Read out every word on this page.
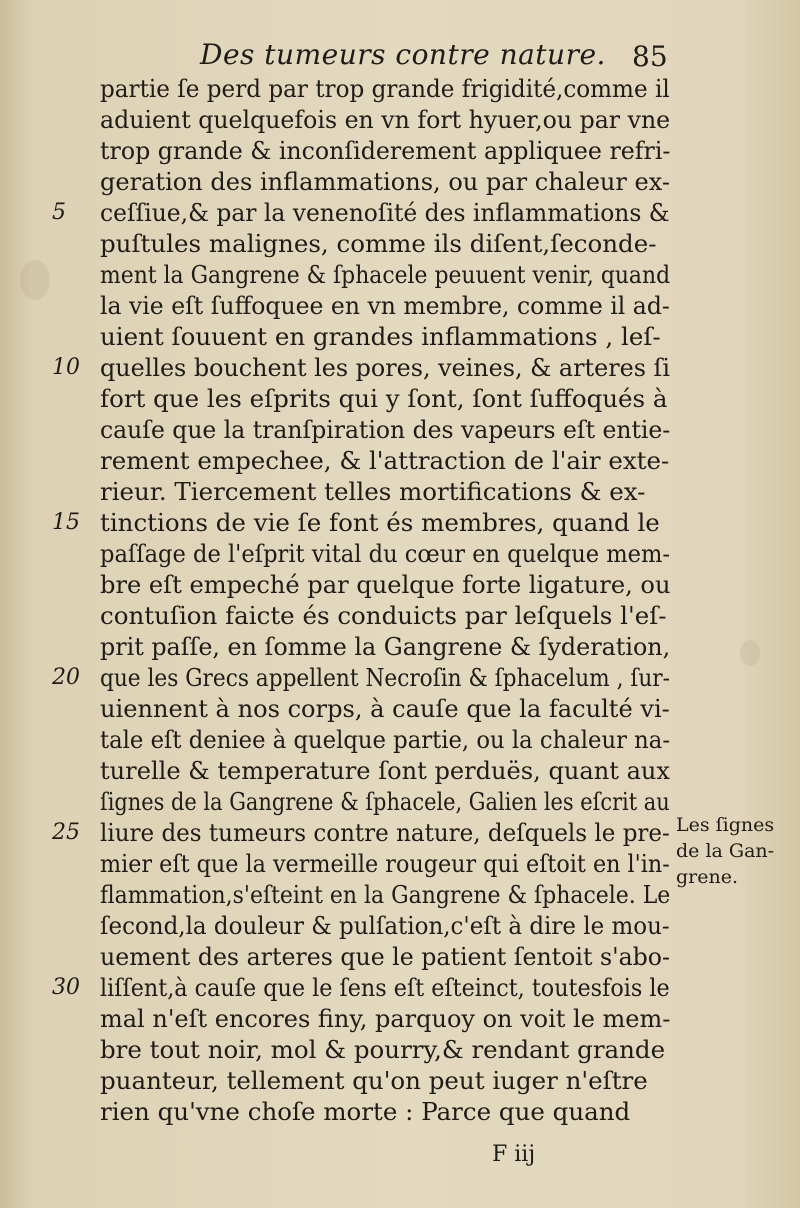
Des tumeurs contre nature. 85
partie ſe perd par trop grande frigidité,comme il
aduient quelquefois en vn fort hyuer,ou par vne
trop grande & inconſiderement appliquee refri-
geration des inflammations, ou par chaleur ex-
ceſſiue,& par la venenoſité des inflammations &
puſtules malignes, comme ils diſent,ſeconde-
ment la Gangrene & ſphacele peuuent venir, quand
la vie eſt ſuffoquee en vn membre, comme il ad-
uient ſouuent en grandes inflammations , leſ-
quelles bouchent les pores, veines, & arteres ſi
fort que les eſprits qui y ſont, ſont ſuffoqués à
cauſe que la tranſpiration des vapeurs eſt entie-
rement empechee, & l'attraction de l'air exte-
rieur. Tiercement telles mortifications & ex-
tinctions de vie ſe font és membres, quand le
paſſage de l'eſprit vital du cœur en quelque mem-
bre eſt empeché par quelque forte ligature, ou
contuſion faicte és conduicts par leſquels l'eſ-
prit paſſe, en ſomme la Gangrene & ſyderation,
que les Grecs appellent Necroſin & ſphacelum , ſur-
uiennent à nos corps, à cauſe que la faculté vi-
tale eſt deniee à quelque partie, ou la chaleur na-
turelle & temperature ſont perduës, quant aux
ſignes de la Gangrene & ſphacele, Galien les eſcrit au
liure des tumeurs contre nature, deſquels le pre-
mier eſt que la vermeille rougeur qui eſtoit en l'in-
flammation,s'eſteint en la Gangrene & ſphacele. Le
ſecond,la douleur & pulſation,c'eſt à dire le mou-
uement des arteres que le patient ſentoit s'abo-
liſſent,à cauſe que le ſens eſt eſteinct, toutesfois le
mal n'eſt encores finy, parquoy on voit le mem-
bre tout noir, mol & pourry,& rendant grande
puanteur, tellement qu'on peut iuger n'eſtre
rien qu'vne choſe morte : Parce que quand
5
10
15
20
25
30
Les ſignes
de la Gan-
grene.
F iij
